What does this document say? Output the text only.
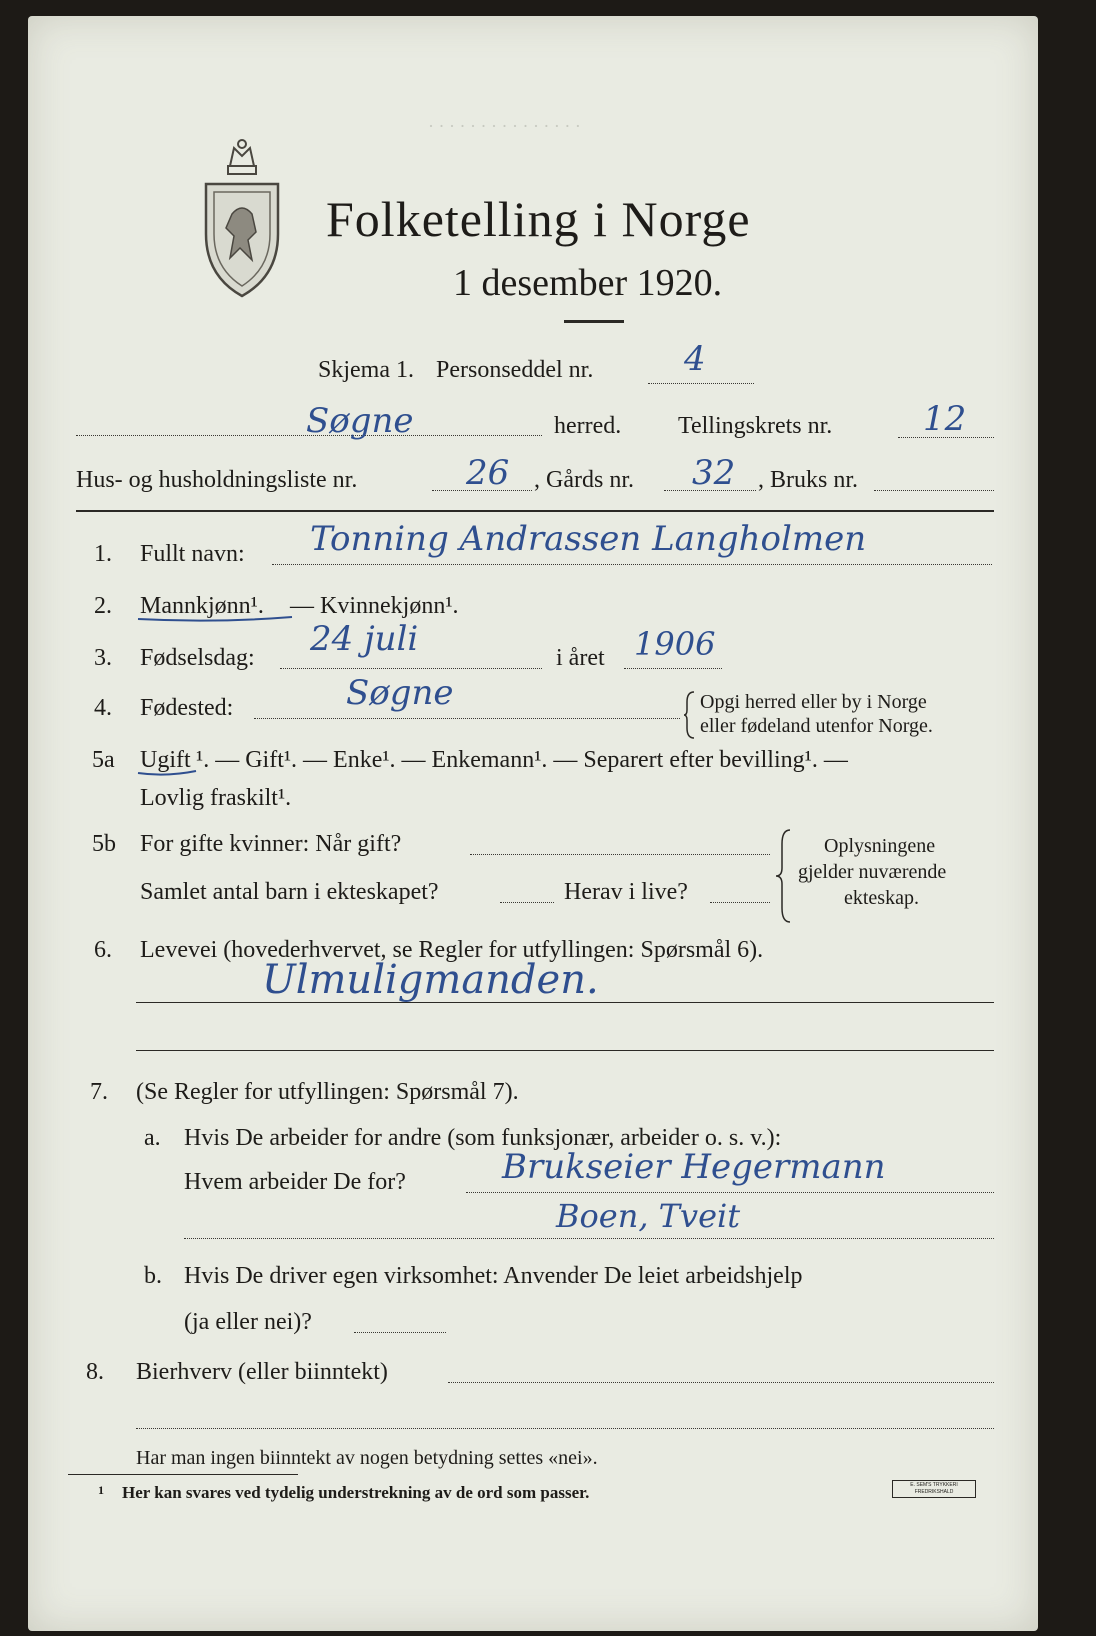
· · · · · · · · · · · · · · ·
Folketelling i Norge
1 desember 1920.
Skjema 1. Personseddel nr.	4
Søgne	herred. Tellingskrets nr.	12
Hus- og husholdningsliste nr.	26 , Gårds nr. 32 , Bruks nr.
1. Fullt navn: Tonning Andrassen Langholmen
2. Mannkjønn¹. — Kvinnekjønn¹.
3. Fødselsdag: 24 juli	i året 1906
4. Fødested:	Søgne	Opgi herred eller by i Norge
eller fødeland utenfor Norge.
5a Ugift ¹. — Gift¹. — Enke¹. — Enkemann¹. — Separert efter bevilling¹. —
Lovlig fraskilt¹.
5b For gifte kvinner: Når gift?
Samlet antal barn i ekteskapet?	Herav i live?
Oplysningene
gjelder nuværende
ekteskap.
6. Levevei (hovederhvervet, se Regler for utfyllingen: Spørsmål 6).
Ulmuligmanden.
7. (Se Regler for utfyllingen: Spørsmål 7).
a. Hvis De arbeider for andre (som funksjonær, arbeider o. s. v.):
Hvem arbeider De for?	Brukseier Hegermann
Boen, Tveit
b. Hvis De driver egen virksomhet: Anvender De leiet arbeidshjelp
(ja eller nei)?
8. Bierhverv (eller biinntekt)
Har man ingen biinntekt av nogen betydning settes «nei».
1 Her kan svares ved tydelig understrekning av de ord som passer.	E. SEM'S TRYKKERI FREDRIKSHALD
